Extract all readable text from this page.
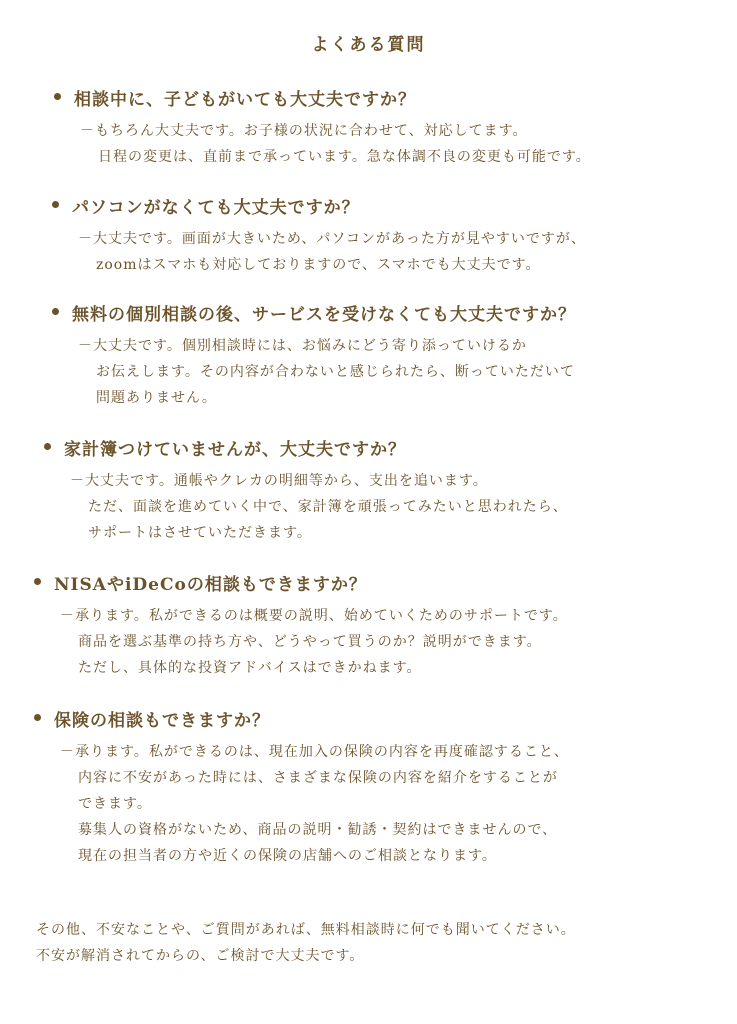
よくある質問
相談中に、子どもがいても大丈夫ですか？
－もちろん大丈夫です。お子様の状況に合わせて、対応してます。
日程の変更は、直前まで承っています。急な体調不良の変更も可能です。
パソコンがなくても大丈夫ですか？
－大丈夫です。画面が大きいため、パソコンがあった方が見やすいですが、
zoomはスマホも対応しておりますので、スマホでも大丈夫です。
無料の個別相談の後、サービスを受けなくても大丈夫ですか？
－大丈夫です。個別相談時には、お悩みにどう寄り添っていけるか
お伝えします。その内容が合わないと感じられたら、断っていただいて
問題ありません。
家計簿つけていませんが、大丈夫ですか？
－大丈夫です。通帳やクレカの明細等から、支出を追います。
ただ、面談を進めていく中で、家計簿を頑張ってみたいと思われたら、
サポートはさせていただきます。
NISAやiDeCoの相談もできますか？
－承ります。私ができるのは概要の説明、始めていくためのサポートです。
商品を選ぶ基準の持ち方や、どうやって買うのか？説明ができます。
ただし、具体的な投資アドバイスはできかねます。
保険の相談もできますか？
－承ります。私ができるのは、現在加入の保険の内容を再度確認すること、
内容に不安があった時には、さまざまな保険の内容を紹介をすることが
できます。
募集人の資格がないため、商品の説明・勧誘・契約はできませんので、
現在の担当者の方や近くの保険の店舗へのご相談となります。
その他、不安なことや、ご質問があれば、無料相談時に何でも聞いてください。
不安が解消されてからの、ご検討で大丈夫です。
